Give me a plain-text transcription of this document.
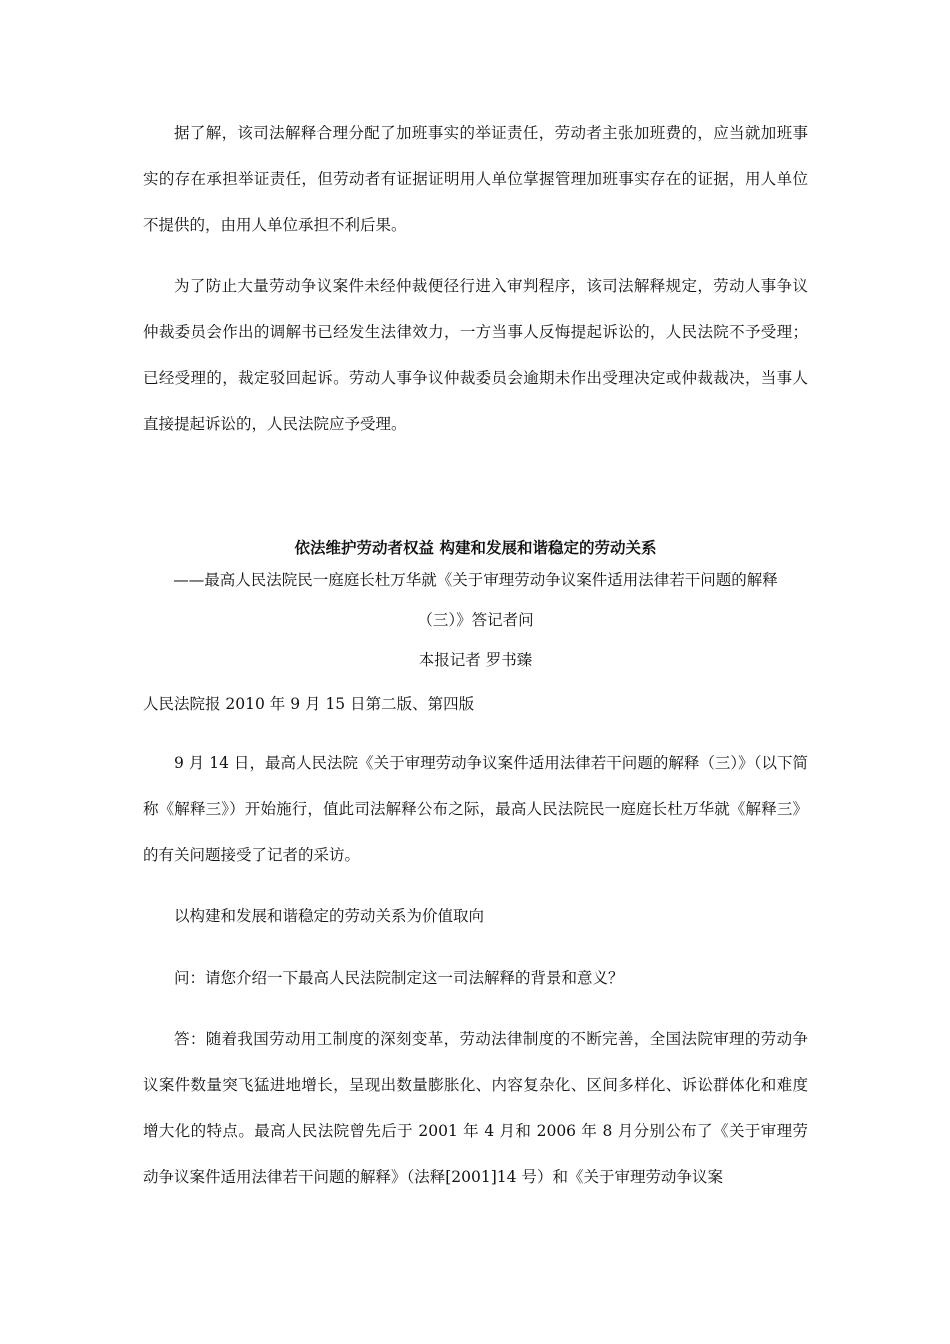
据了解，该司法解释合理分配了加班事实的举证责任，劳动者主张加班费的，应当就加班事实的存在承担举证责任，但劳动者有证据证明用人单位掌握管理加班事实存在的证据，用人单位不提供的，由用人单位承担不利后果。

为了防止大量劳动争议案件未经仲裁便径行进入审判程序，该司法解释规定，劳动人事争议仲裁委员会作出的调解书已经发生法律效力，一方当事人反悔提起诉讼的，人民法院不予受理；已经受理的，裁定驳回起诉。劳动人事争议仲裁委员会逾期未作出受理决定或仲裁裁决，当事人直接提起诉讼的，人民法院应予受理。

依法维护劳动者权益 构建和发展和谐稳定的劳动关系

——最高人民法院民一庭庭长杜万华就《关于审理劳动争议案件适用法律若干问题的解释

（三）》答记者问

本报记者 罗书臻

人民法院报 2010 年 9 月 15 日第二版、第四版

9 月 14 日，最高人民法院《关于审理劳动争议案件适用法律若干问题的解释（三）》（以下简称《解释三》）开始施行，值此司法解释公布之际，最高人民法院民一庭庭长杜万华就《解释三》的有关问题接受了记者的采访。

以构建和发展和谐稳定的劳动关系为价值取向

问：请您介绍一下最高人民法院制定这一司法解释的背景和意义？

答：随着我国劳动用工制度的深刻变革，劳动法律制度的不断完善，全国法院审理的劳动争议案件数量突飞猛进地增长，呈现出数量膨胀化、内容复杂化、区间多样化、诉讼群体化和难度增大化的特点。最高人民法院曾先后于 2001 年 4 月和 2006 年 8 月分别公布了《关于审理劳动争议案件适用法律若干问题的解释》（法释[2001]14 号）和《关于审理劳动争议案
